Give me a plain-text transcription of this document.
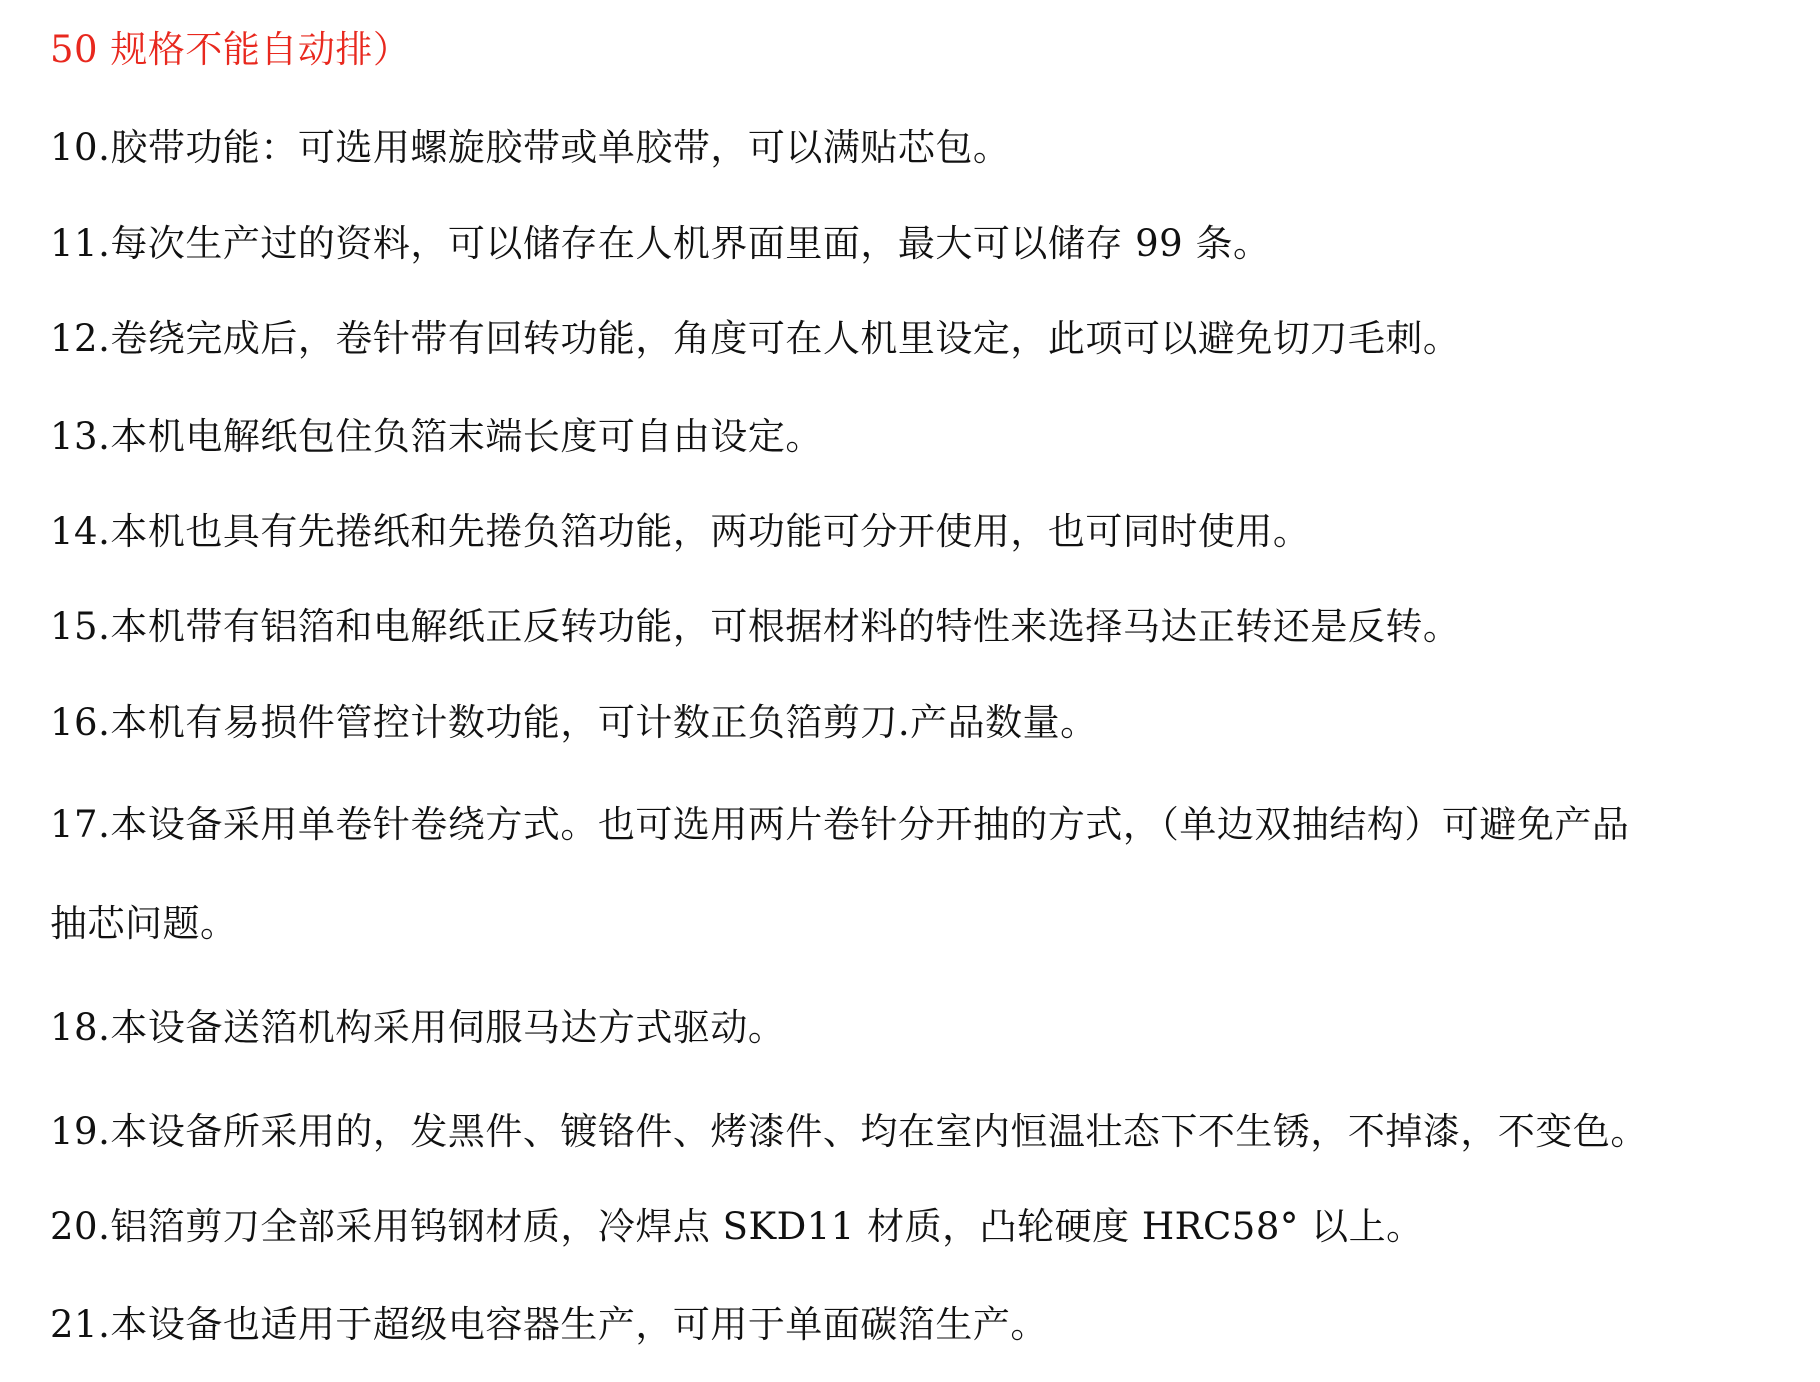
50 规格不能自动排）
10.胶带功能：可选用螺旋胶带或单胶带，可以满贴芯包。
11.每次生产过的资料，可以储存在人机界面里面，最大可以储存 99 条。
12.卷绕完成后，卷针带有回转功能，角度可在人机里设定，此项可以避免切刀毛刺。
13.本机电解纸包住负箔末端长度可自由设定。
14.本机也具有先捲纸和先捲负箔功能，两功能可分开使用，也可同时使用。
15.本机带有铝箔和电解纸正反转功能，可根据材料的特性来选择马达正转还是反转。
16.本机有易损件管控计数功能，可计数正负箔剪刀.产品数量。
17.本设备采用单卷针卷绕方式。也可选用两片卷针分开抽的方式，（单边双抽结构）可避免产品
抽芯问题。
18.本设备送箔机构采用伺服马达方式驱动。
19.本设备所采用的，发黑件、镀铬件、烤漆件、均在室内恒温壮态下不生锈，不掉漆，不变色。
20.铝箔剪刀全部采用钨钢材质，冷焊点 SKD11 材质，凸轮硬度 HRC58° 以上。
21.本设备也适用于超级电容器生产，可用于单面碳箔生产。
